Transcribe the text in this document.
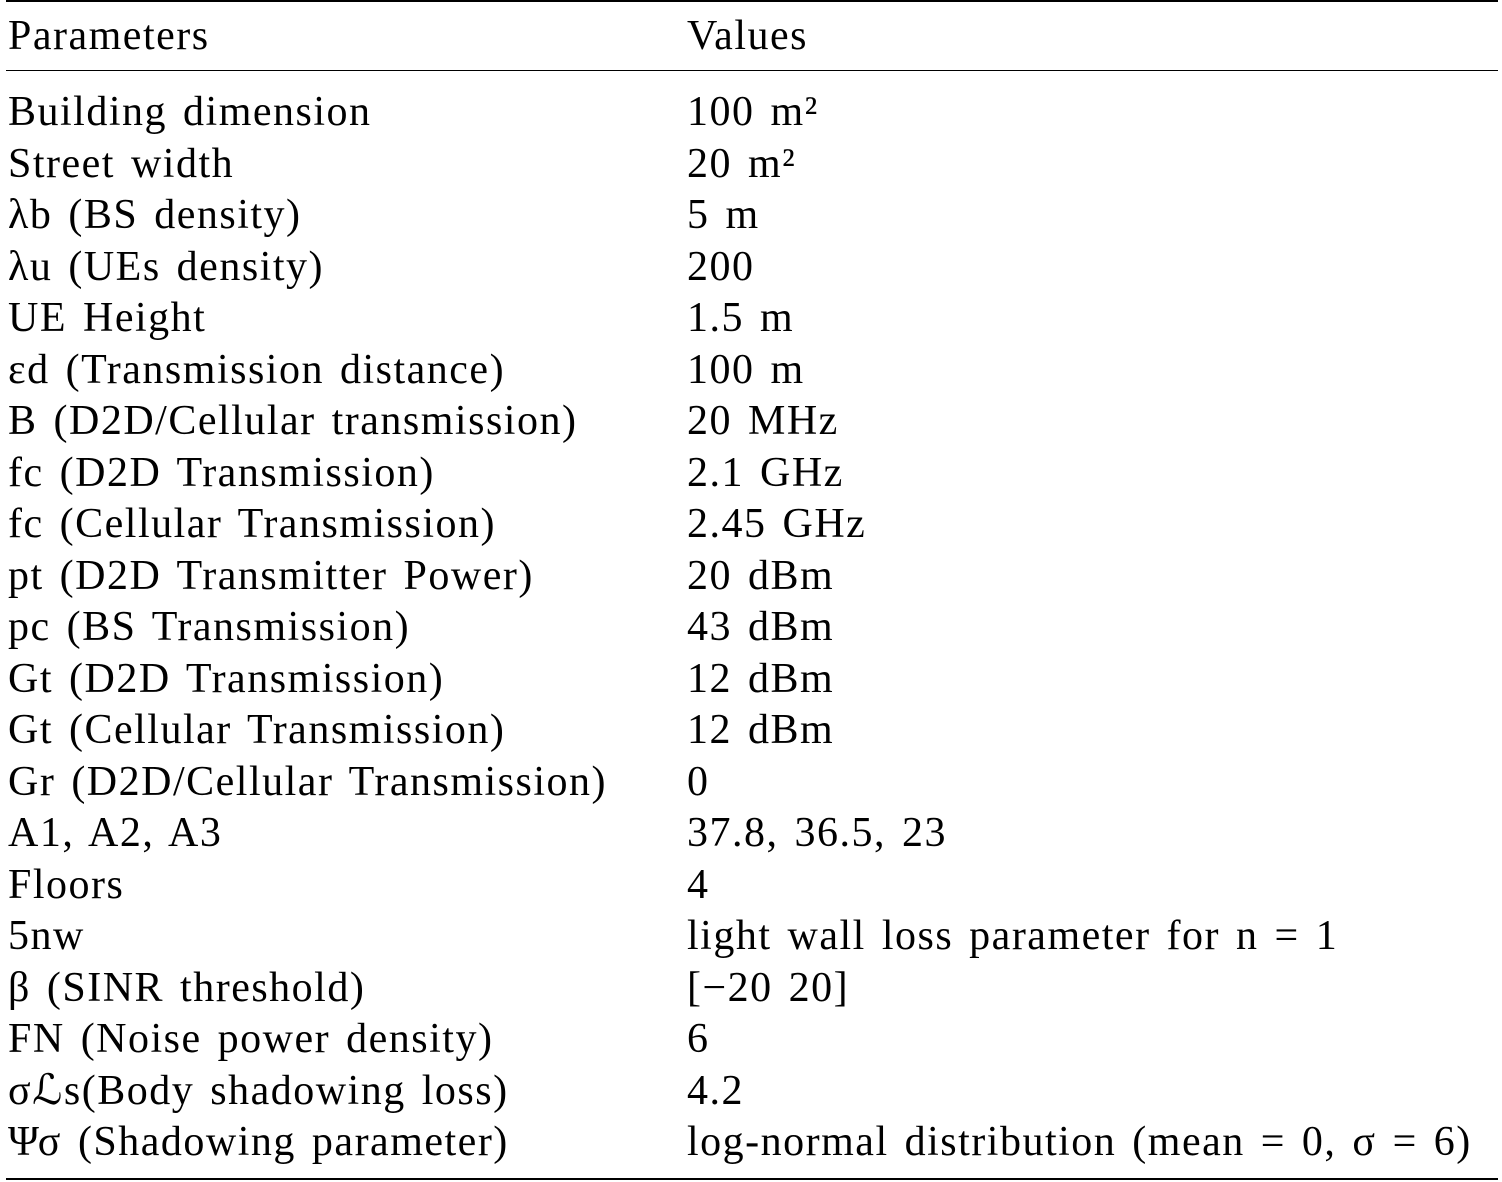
Parameters	Values
Building dimension	100 m²
Street width	20 m²
λb (BS density)	5 m
λu (UEs density)	200
UE Height	1.5 m
εd (Transmission distance)	100 m
B (D2D/Cellular transmission)	20 MHz
fc (D2D Transmission)	2.1 GHz
fc (Cellular Transmission)	2.45 GHz
pt (D2D Transmitter Power)	20 dBm
pc (BS Transmission)	43 dBm
Gt (D2D Transmission)	12 dBm
Gt (Cellular Transmission)	12 dBm
Gr (D2D/Cellular Transmission) 0
A1, A2, A3	37.8, 36.5, 23
Floors	4
5nw	light wall loss parameter for n = 1
β (SINR threshold)	[−20 20]
FN (Noise power density)	6
σℒs(Body shadowing loss)	4.2
Ψσ (Shadowing parameter)	log-normal distribution (mean = 0, σ = 6)
